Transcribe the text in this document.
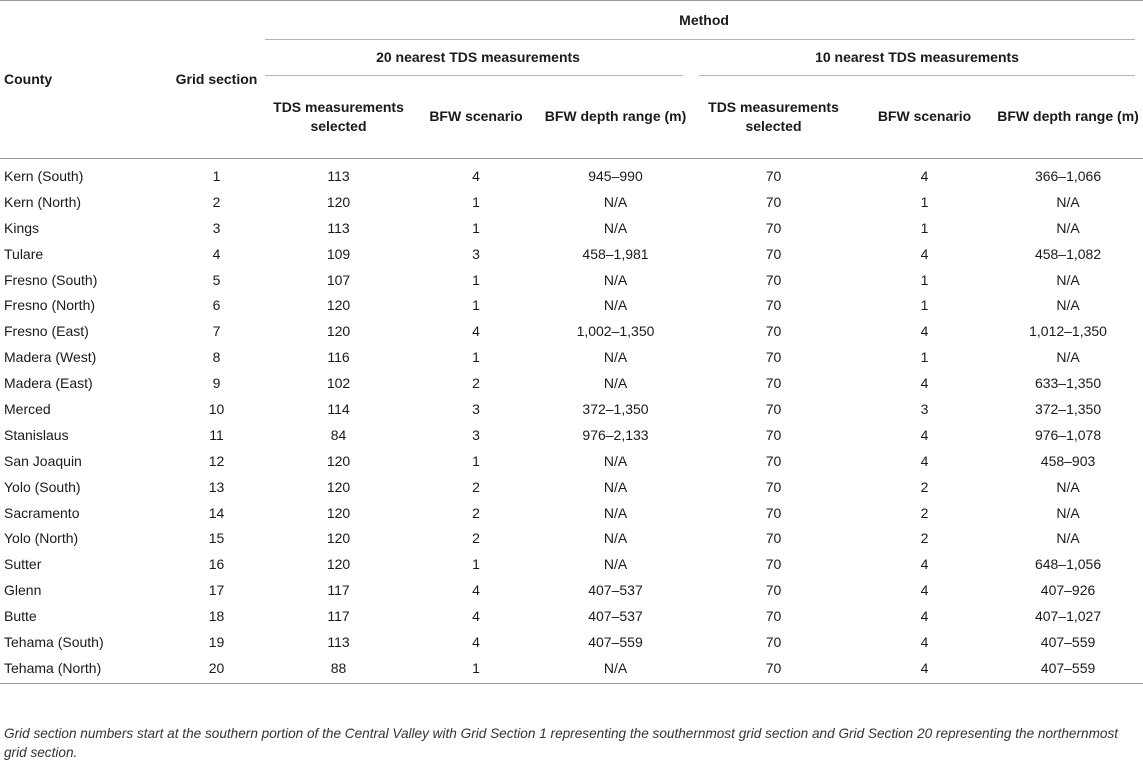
County	Grid section	Method					

		20 nearest TDS measurements			10 nearest TDS measurements		

		TDS measurements selected	BFW scenario	BFW depth range (m)	TDS measurements selected	BFW scenario	BFW depth range (m)
Kern (South)	1	113	4	945–990	70	4	366–1,066
Kern (North)	2	120	1	N/A	70	1	N/A
Kings	3	113	1	N/A	70	1	N/A
Tulare	4	109	3	458–1,981	70	4	458–1,082
Fresno (South)	5	107	1	N/A	70	1	N/A
Fresno (North)	6	120	1	N/A	70	1	N/A
Fresno (East)	7	120	4	1,002–1,350	70	4	1,012–1,350
Madera (West)	8	116	1	N/A	70	1	N/A
Madera (East)	9	102	2	N/A	70	4	633–1,350
Merced	10	114	3	372–1,350	70	3	372–1,350
Stanislaus	11	84	3	976–2,133	70	4	976–1,078
San Joaquin	12	120	1	N/A	70	4	458–903
Yolo (South)	13	120	2	N/A	70	2	N/A
Sacramento	14	120	2	N/A	70	2	N/A
Yolo (North)	15	120	2	N/A	70	2	N/A
Sutter	16	120	1	N/A	70	4	648–1,056
Glenn	17	117	4	407–537	70	4	407–926
Butte	18	117	4	407–537	70	4	407–1,027
Tehama (South)	19	113	4	407–559	70	4	407–559
Tehama (North)	20	88	1	N/A	70	4	407–559

Grid section numbers start at the southern portion of the Central Valley with Grid Section 1 representing the southernmost grid section and Grid Section 20 representing the northernmost grid section.
